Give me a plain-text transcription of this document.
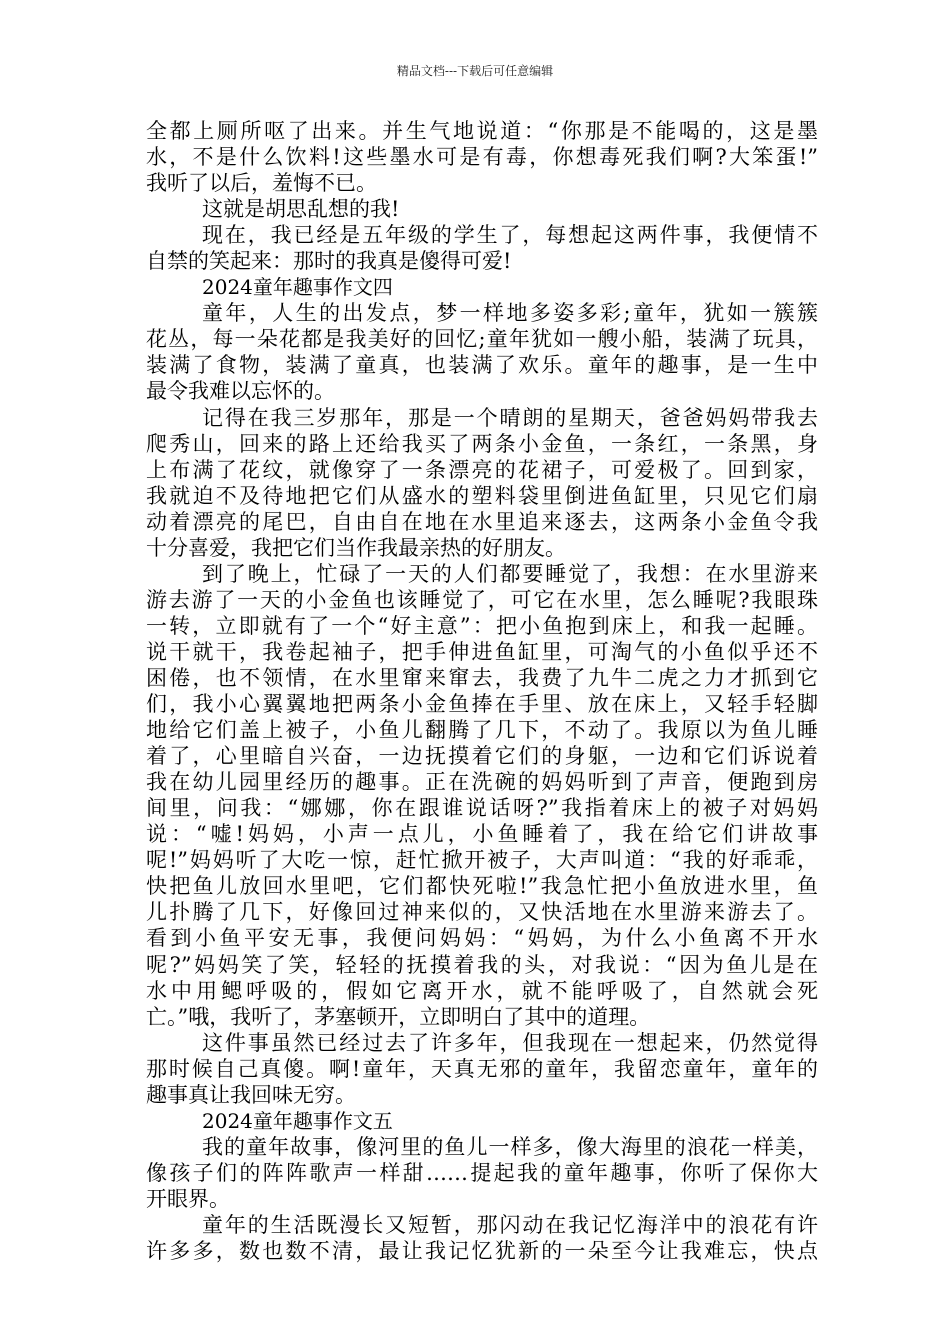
精品文档---下载后可任意编辑
全都上厕所呕了出来。并生气地说道：“你那是不能喝的，这是墨
水，不是什么饮料!这些墨水可是有毒，你想毒死我们啊?大笨蛋!”
我听了以后，羞悔不已。
这就是胡思乱想的我!
现在，我已经是五年级的学生了，每想起这两件事，我便情不
自禁的笑起来：那时的我真是傻得可爱!
2024童年趣事作文四
童年，人生的出发点，梦一样地多姿多彩;童年，犹如一簇簇
花丛，每一朵花都是我美好的回忆;童年犹如一艘小船，装满了玩具，
装满了食物，装满了童真，也装满了欢乐。童年的趣事，是一生中
最令我难以忘怀的。
记得在我三岁那年，那是一个晴朗的星期天，爸爸妈妈带我去
爬秀山，回来的路上还给我买了两条小金鱼，一条红，一条黑，身
上布满了花纹，就像穿了一条漂亮的花裙子，可爱极了。回到家，
我就迫不及待地把它们从盛水的塑料袋里倒进鱼缸里，只见它们扇
动着漂亮的尾巴，自由自在地在水里追来逐去，这两条小金鱼令我
十分喜爱，我把它们当作我最亲热的好朋友。
到了晚上，忙碌了一天的人们都要睡觉了，我想：在水里游来
游去游了一天的小金鱼也该睡觉了，可它在水里，怎么睡呢?我眼珠
一转，立即就有了一个“好主意”：把小鱼抱到床上，和我一起睡。
说干就干，我卷起袖子，把手伸进鱼缸里，可淘气的小鱼似乎还不
困倦，也不领情，在水里窜来窜去，我费了九牛二虎之力才抓到它
们，我小心翼翼地把两条小金鱼捧在手里、放在床上，又轻手轻脚
地给它们盖上被子，小鱼儿翻腾了几下，不动了。我原以为鱼儿睡
着了，心里暗自兴奋，一边抚摸着它们的身躯，一边和它们诉说着
我在幼儿园里经历的趣事。正在洗碗的妈妈听到了声音，便跑到房
间里，问我：“娜娜，你在跟谁说话呀?”我指着床上的被子对妈妈
说：“嘘!妈妈，小声一点儿，小鱼睡着了，我在给它们讲故事
呢!”妈妈听了大吃一惊，赶忙掀开被子，大声叫道：“我的好乖乖，
快把鱼儿放回水里吧，它们都快死啦!”我急忙把小鱼放进水里，鱼
儿扑腾了几下，好像回过神来似的，又快活地在水里游来游去了。
看到小鱼平安无事，我便问妈妈：“妈妈，为什么小鱼离不开水
呢?”妈妈笑了笑，轻轻的抚摸着我的头，对我说：“因为鱼儿是在
水中用鳃呼吸的，假如它离开水，就不能呼吸了，自然就会死
亡。”哦，我听了，茅塞顿开，立即明白了其中的道理。
这件事虽然已经过去了许多年，但我现在一想起来，仍然觉得
那时候自己真傻。啊!童年，天真无邪的童年，我留恋童年，童年的
趣事真让我回味无穷。
2024童年趣事作文五
我的童年故事，像河里的鱼儿一样多，像大海里的浪花一样美，
像孩子们的阵阵歌声一样甜……提起我的童年趣事，你听了保你大
开眼界。
童年的生活既漫长又短暂，那闪动在我记忆海洋中的浪花有许
许多多，数也数不清，最让我记忆犹新的一朵至今让我难忘，快点
